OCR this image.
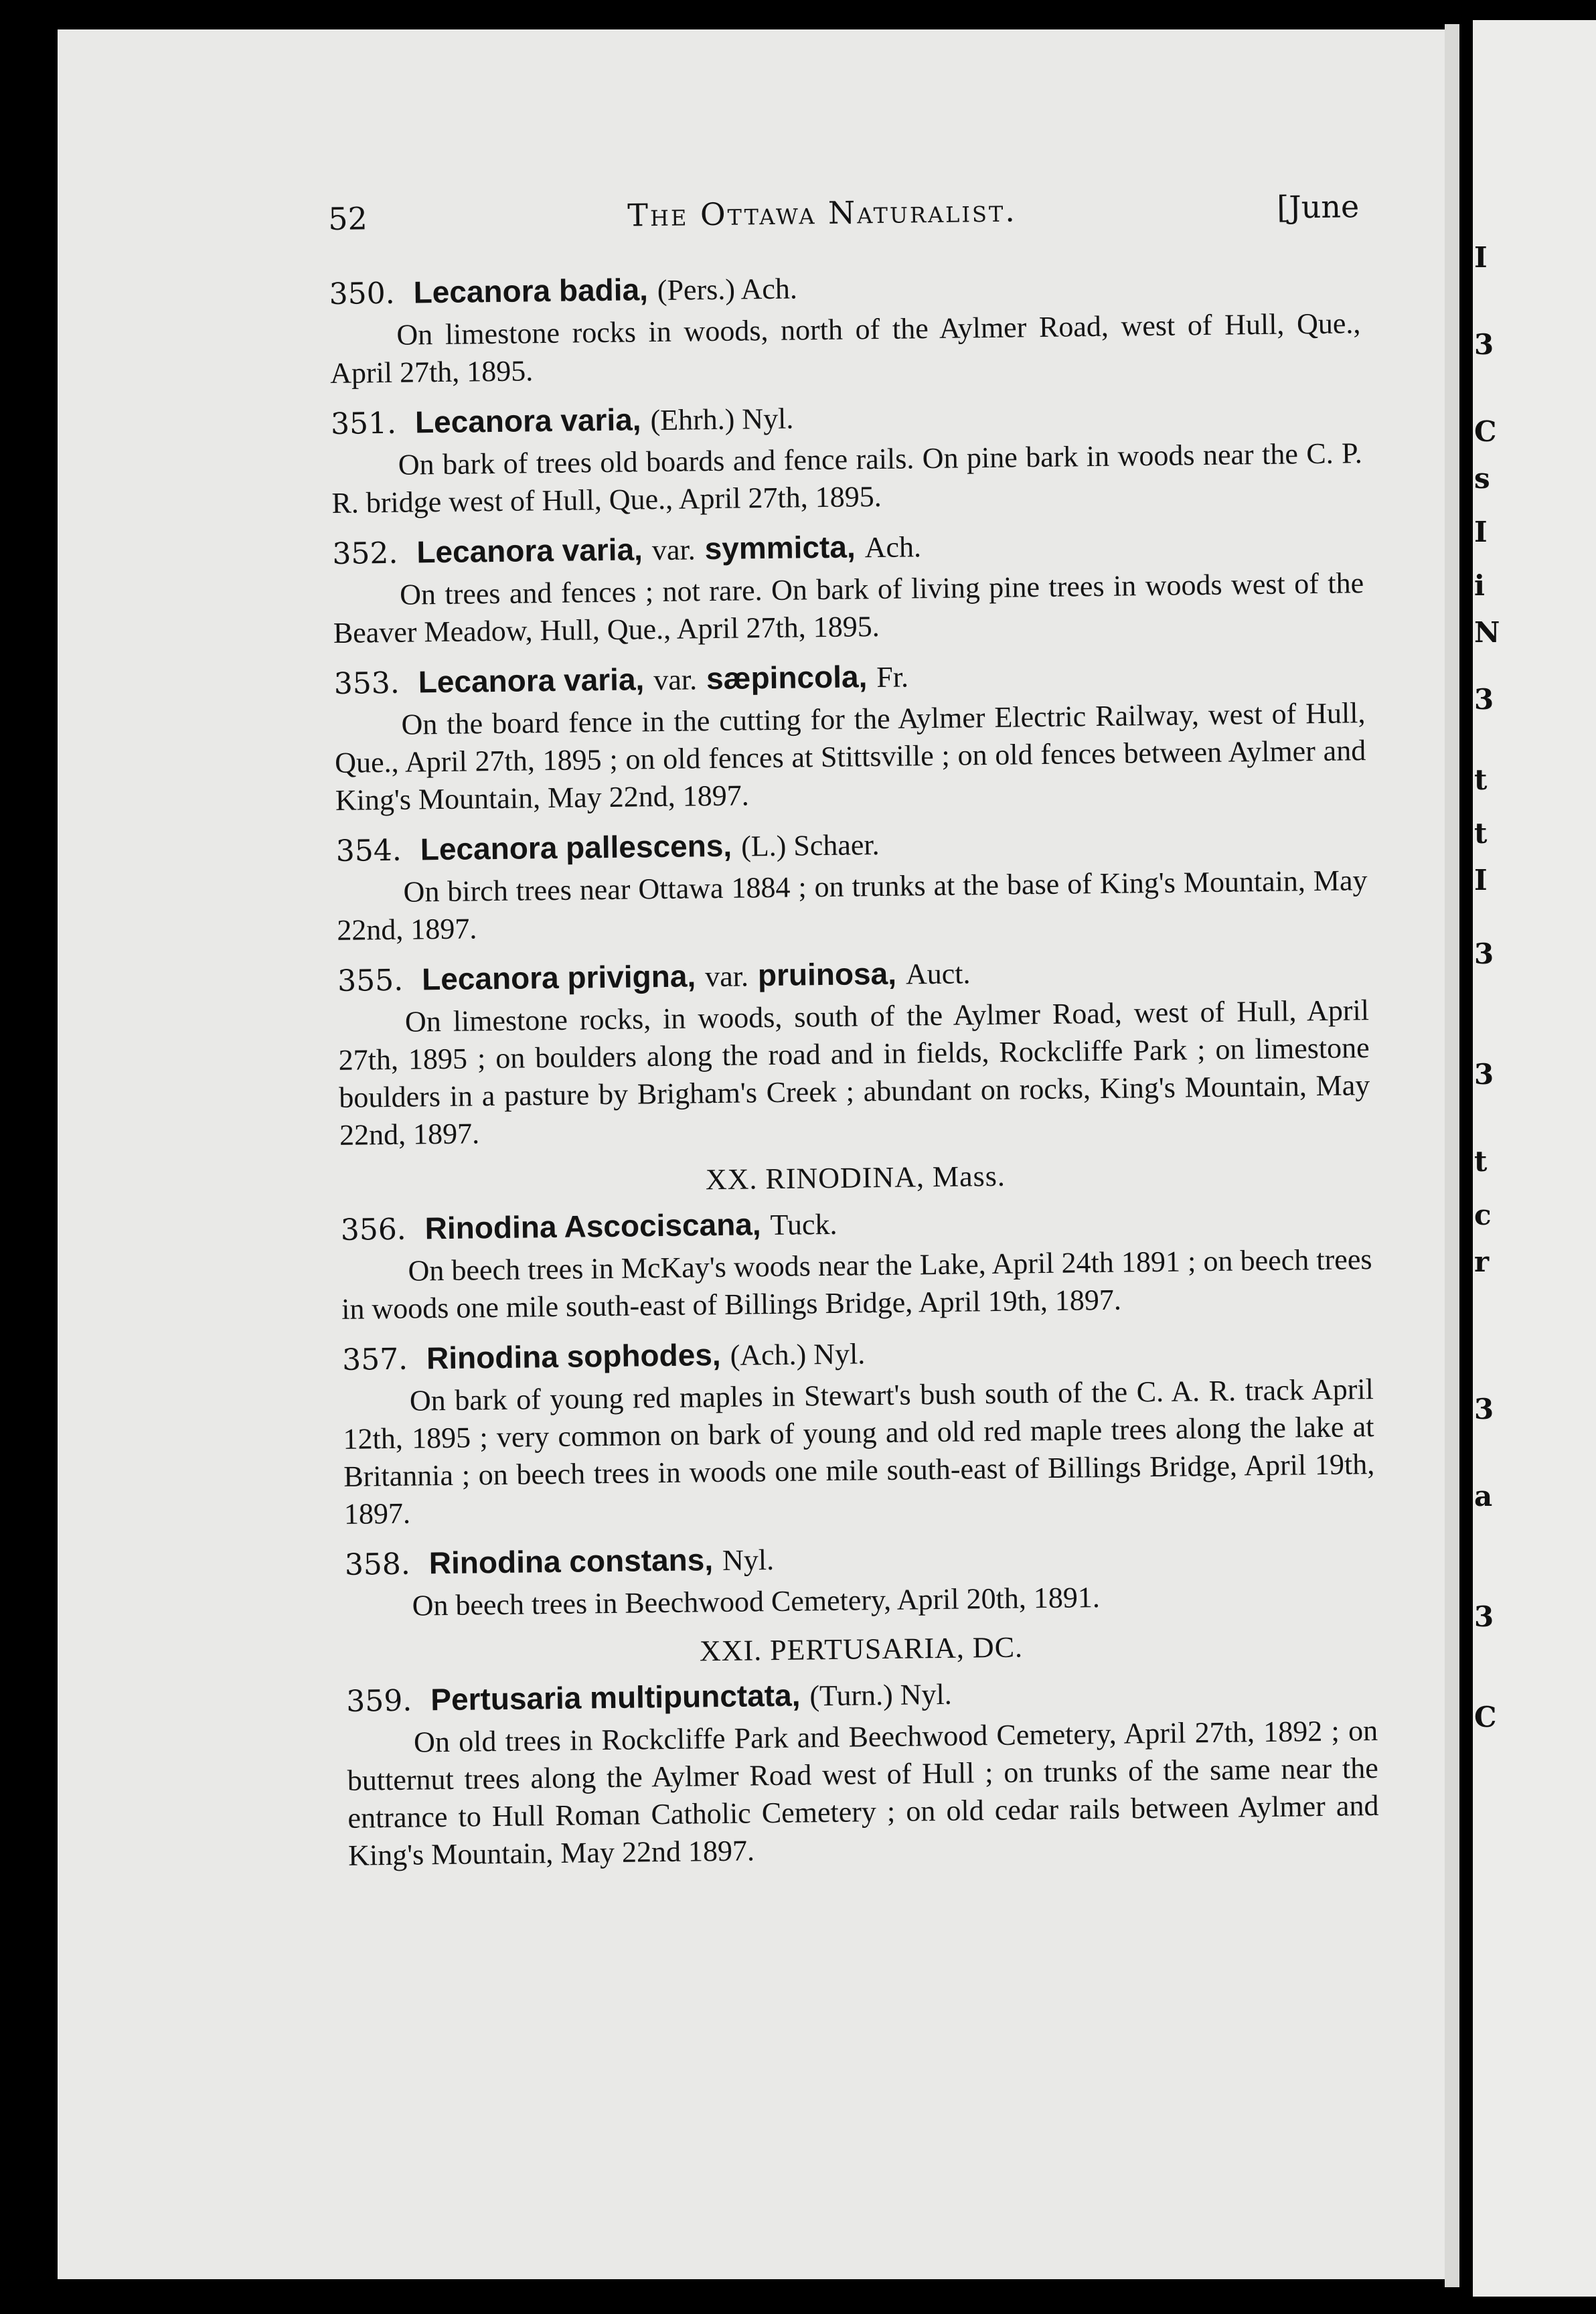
I
3
C
s
I
i
N
3
t
t
I
3
3
t
c
r
3
a
3
C
52	The Ottawa Naturalist.	[June
350. Lecanora badia, (Pers.) Ach.

On limestone rocks in woods, north of the Aylmer Road, west of Hull, Que., April 27th, 1895.

351. Lecanora varia, (Ehrh.) Nyl.

On bark of trees old boards and fence rails. On pine bark in woods near the C. P. R. bridge west of Hull, Que., April 27th, 1895.

352. Lecanora varia, var. symmicta, Ach.

On trees and fences ; not rare. On bark of living pine trees in woods west of the Beaver Meadow, Hull, Que., April 27th, 1895.

353. Lecanora varia, var. sæpincola, Fr.

On the board fence in the cutting for the Aylmer Electric Railway, west of Hull, Que., April 27th, 1895 ; on old fences at Stittsville ; on old fences between Aylmer and King's Mountain, May 22nd, 1897.

354. Lecanora pallescens, (L.) Schaer.

On birch trees near Ottawa 1884 ; on trunks at the base of King's Mountain, May 22nd, 1897.

355. Lecanora privigna, var. pruinosa, Auct.

On limestone rocks, in woods, south of the Aylmer Road, west of Hull, April 27th, 1895 ; on boulders along the road and in fields, Rockcliffe Park ; on limestone boulders in a pasture by Brigham's Creek ; abundant on rocks, King's Mountain, May 22nd, 1897.

XX. RINODINA, Mass.
356. Rinodina Ascociscana, Tuck.

On beech trees in McKay's woods near the Lake, April 24th 1891 ; on beech trees in woods one mile south-east of Billings Bridge, April 19th, 1897.

357. Rinodina sophodes, (Ach.) Nyl.

On bark of young red maples in Stewart's bush south of the C. A. R. track April 12th, 1895 ; very common on bark of young and old red maple trees along the lake at Britannia ; on beech trees in woods one mile south-east of Billings Bridge, April 19th, 1897.

358. Rinodina constans, Nyl.

On beech trees in Beechwood Cemetery, April 20th, 1891.

XXI. PERTUSARIA, DC.
359. Pertusaria multipunctata, (Turn.) Nyl.

On old trees in Rockcliffe Park and Beechwood Cemetery, April 27th, 1892 ; on butternut trees along the Aylmer Road west of Hull ; on trunks of the same near the entrance to Hull Roman Catholic Cemetery ; on old cedar rails between Aylmer and King's Mountain, May 22nd 1897.
